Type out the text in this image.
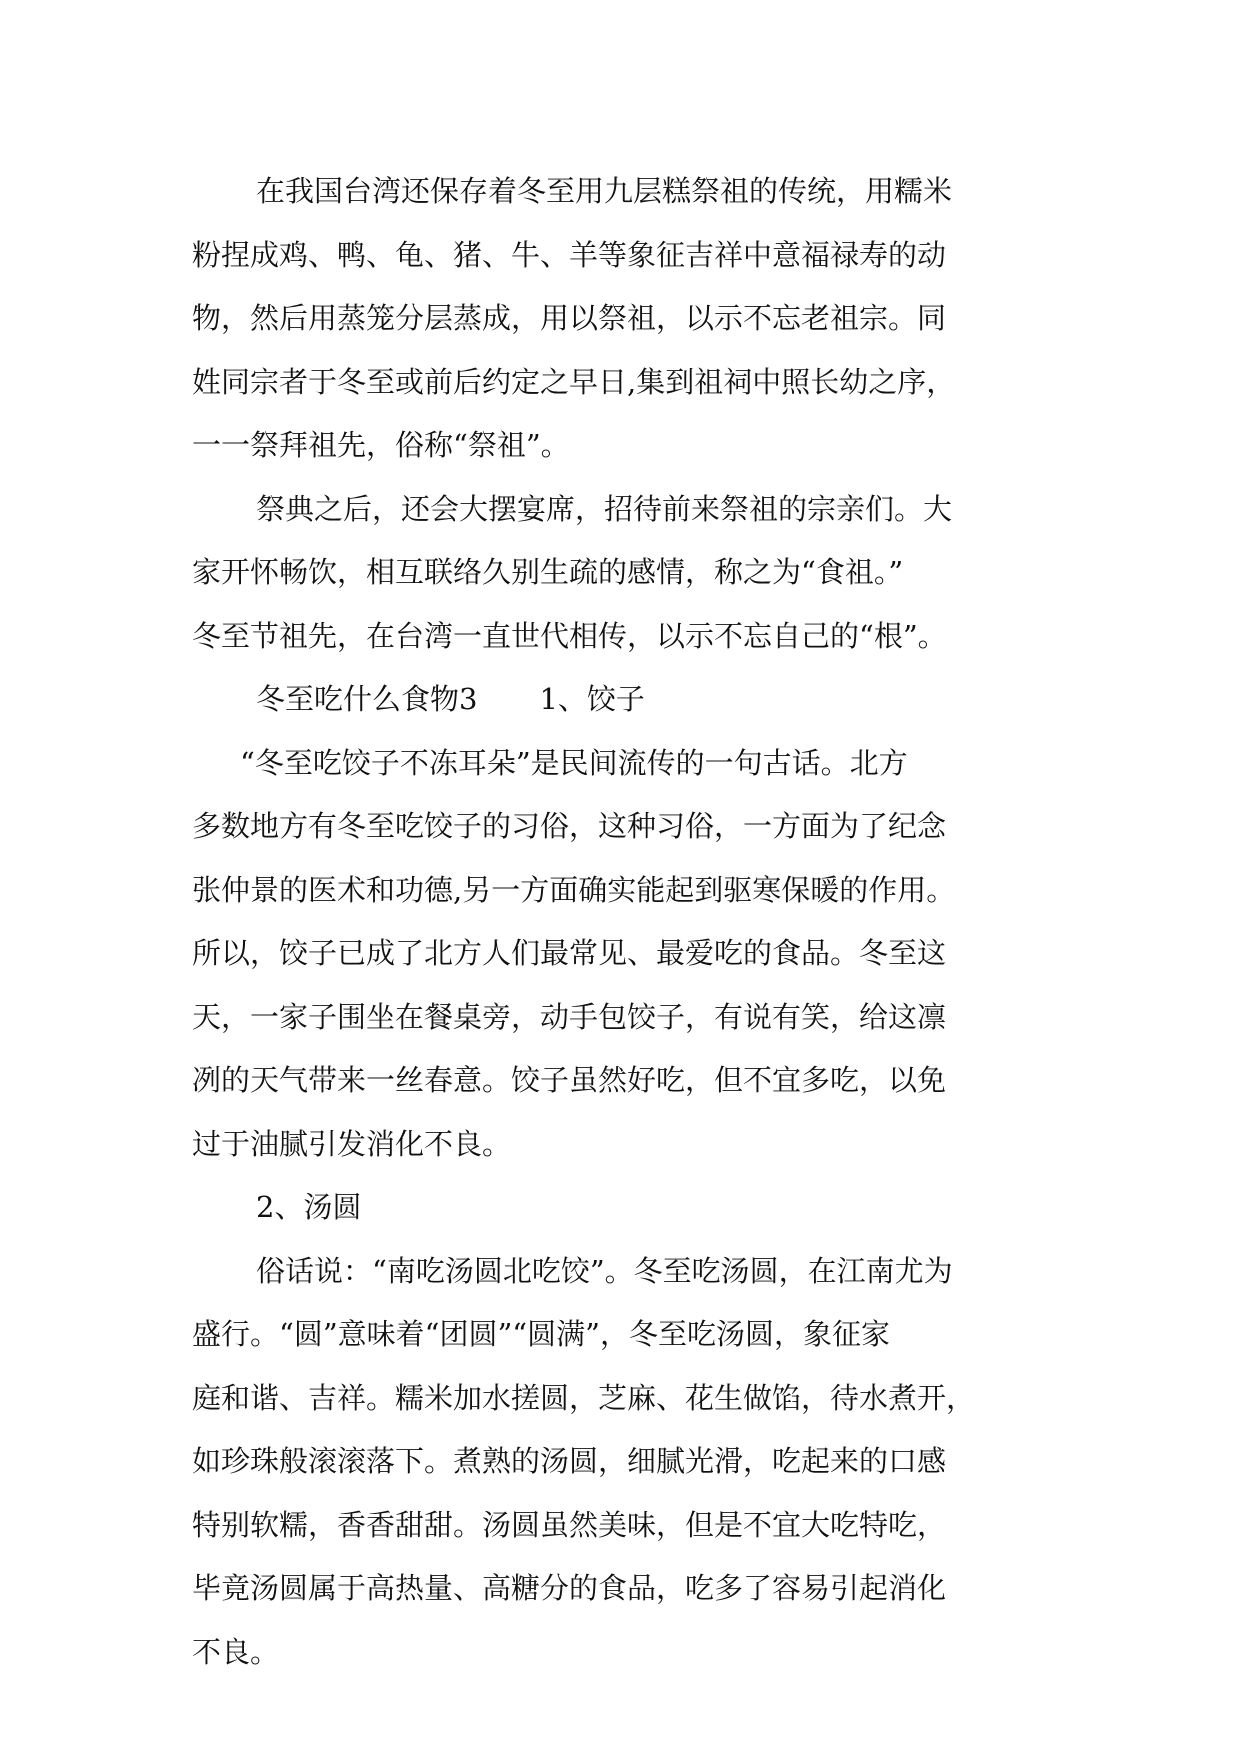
在我国台湾还保存着冬至用九层糕祭祖的传统，用糯米
粉捏成鸡、鸭、龟、猪、牛、羊等象征吉祥中意福禄寿的动
物，然后用蒸笼分层蒸成，用以祭祖，以示不忘老祖宗。同
姓同宗者于冬至或前后约定之早日,集到祖祠中照长幼之序，
一一祭拜祖先，俗称“祭祖”。
祭典之后，还会大摆宴席，招待前来祭祖的宗亲们。大
家开怀畅饮，相互联络久别生疏的感情，称之为“食祖。”
冬至节祖先，在台湾一直世代相传，以示不忘自己的“根”。
冬至吃什么食物3 1、饺子
“冬至吃饺子不冻耳朵”是民间流传的一句古话。北方
多数地方有冬至吃饺子的习俗，这种习俗，一方面为了纪念
张仲景的医术和功德,另一方面确实能起到驱寒保暖的作用。
所以，饺子已成了北方人们最常见、最爱吃的食品。冬至这
天，一家子围坐在餐桌旁，动手包饺子，有说有笑，给这凛
冽的天气带来一丝春意。饺子虽然好吃，但不宜多吃，以免
过于油腻引发消化不良。
2、汤圆
俗话说：“南吃汤圆北吃饺”。冬至吃汤圆，在江南尤为
盛行。“圆”意味着“团圆”“圆满”，冬至吃汤圆，象征家
庭和谐、吉祥。糯米加水搓圆，芝麻、花生做馅，待水煮开，
如珍珠般滚滚落下。煮熟的汤圆，细腻光滑，吃起来的口感
特别软糯，香香甜甜。汤圆虽然美味，但是不宜大吃特吃，
毕竟汤圆属于高热量、高糖分的食品，吃多了容易引起消化
不良。
